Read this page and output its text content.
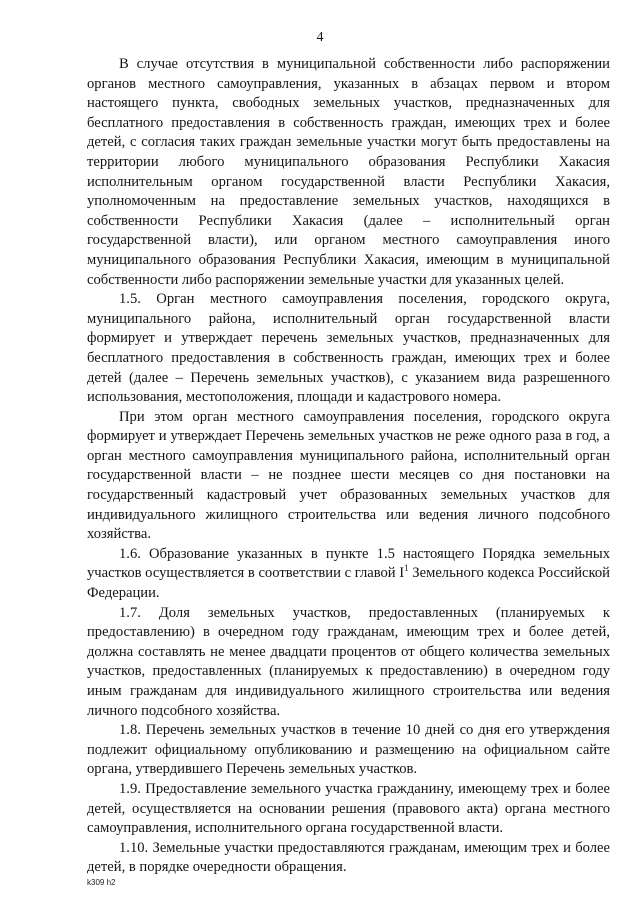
4

В случае отсутствия в муниципальной собственности либо распоряжении органов местного самоуправления, указанных в абзацах первом и втором настоящего пункта, свободных земельных участков, предназначенных для бесплатного предоставления в собственность граждан, имеющих трех и более детей, с согласия таких граждан земельные участки могут быть предоставлены на территории любого муниципального образования Республики Хакасия исполнительным органом государственной власти Республики Хакасия, уполномоченным на предоставление земельных участков, находящихся в собственности Республики Хакасия (далее – исполнительный орган государственной власти), или органом местного самоуправления иного муниципального образования Республики Хакасия, имеющим в муниципальной собственности либо распоряжении земельные участки для указанных целей.

1.5. Орган местного самоуправления поселения, городского округа, муниципального района, исполнительный орган государственной власти формирует и утверждает перечень земельных участков, предназначенных для бесплатного предоставления в собственность граждан, имеющих трех и более детей (далее – Перечень земельных участков), с указанием вида разрешенного использования, местоположения, площади и кадастрового номера.

При этом орган местного самоуправления поселения, городского округа формирует и утверждает Перечень земельных участков не реже одного раза в год, а орган местного самоуправления муниципального района, исполнительный орган государственной власти – не позднее шести месяцев со дня постановки на государственный кадастровый учет образованных земельных участков для индивидуального жилищного строительства или ведения личного подсобного хозяйства.

1.6. Образование указанных в пункте 1.5 настоящего Порядка земельных участков осуществляется в соответствии с главой $I^1$ Земельного кодекса Российской Федерации.

1.7. Доля земельных участков, предоставленных (планируемых к предоставлению) в очередном году гражданам, имеющим трех и более детей, должна составлять не менее двадцати процентов от общего количества земельных участков, предоставленных (планируемых к предоставлению) в очередном году иным гражданам для индивидуального жилищного строительства или ведения личного подсобного хозяйства.

1.8. Перечень земельных участков в течение 10 дней со дня его утверждения подлежит официальному опубликованию и размещению на официальном сайте органа, утвердившего Перечень земельных участков.

1.9. Предоставление земельного участка гражданину, имеющему трех и более детей, осуществляется на основании решения (правового акта) органа местного самоуправления, исполнительного органа государственной власти.

1.10. Земельные участки предоставляются гражданам, имеющим трех и более детей, в порядке очередности обращения.

k309 h2
